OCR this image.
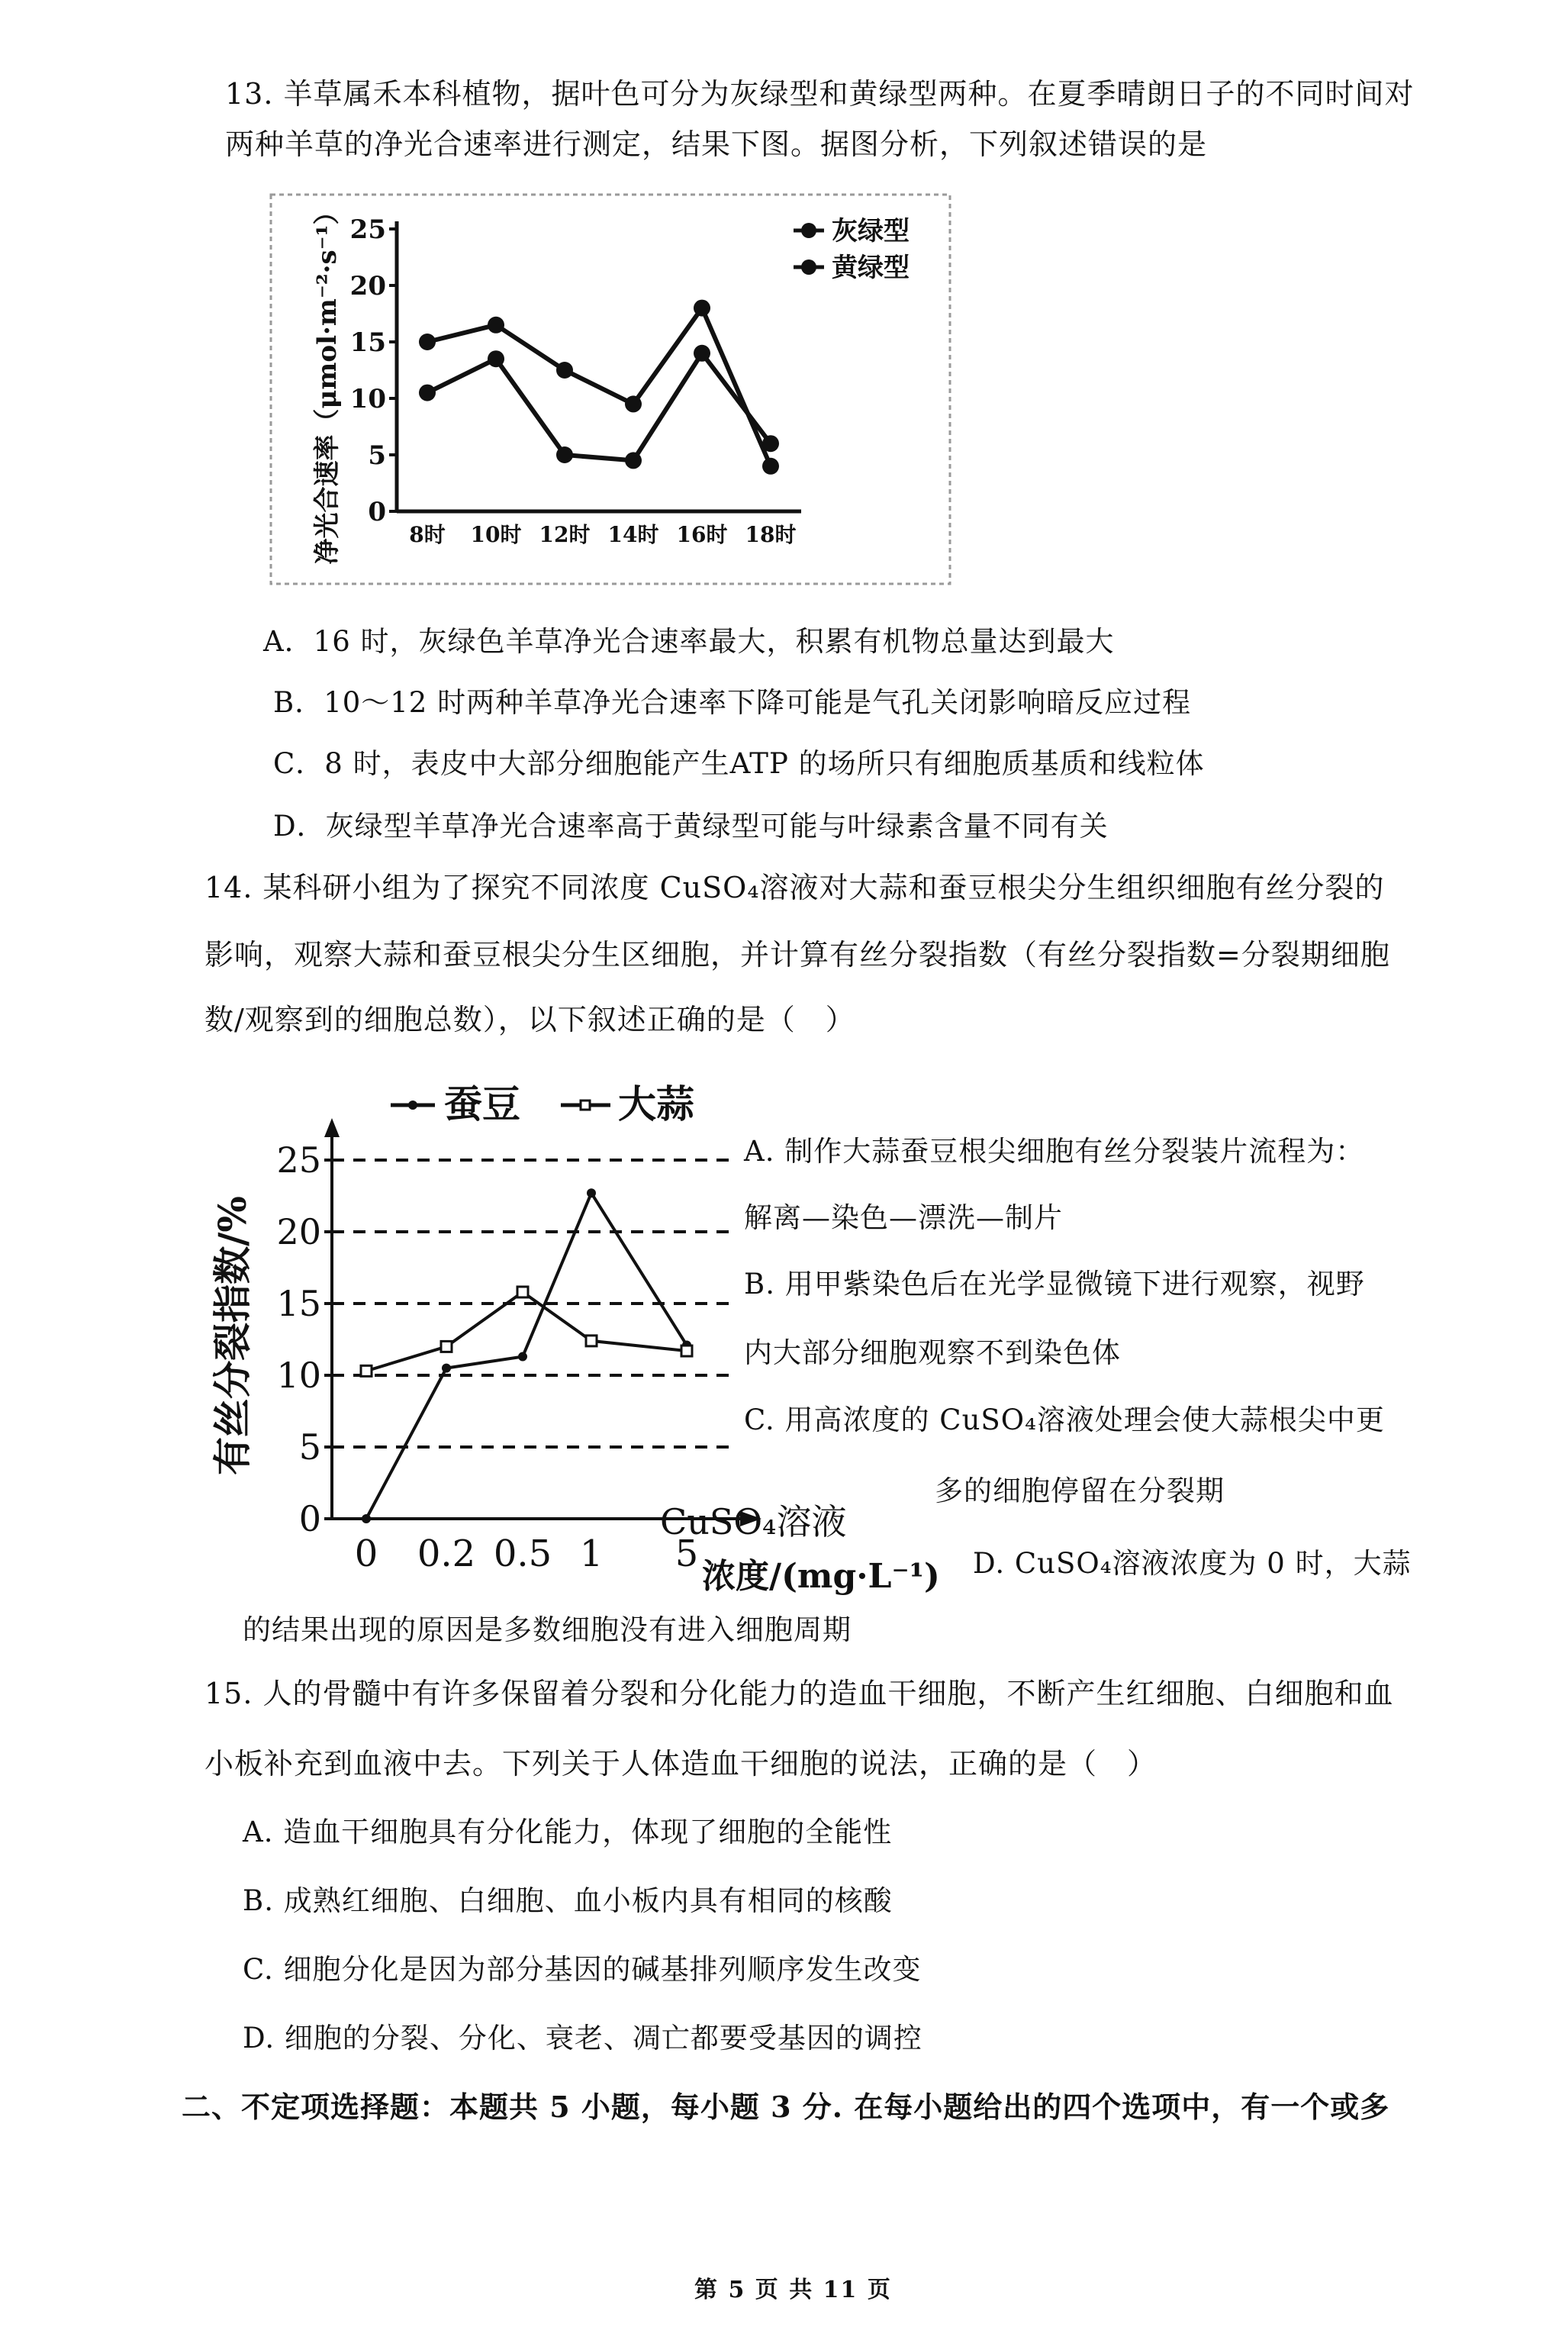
13. 羊草属禾本科植物，据叶色可分为灰绿型和黄绿型两种。在夏季晴朗日子的不同时间对
两种羊草的净光合速率进行测定，结果下图。据图分析，下列叙述错误的是
0
5
10
15
20
25
8时 10时 12时 14时 16时 18时
净光合速率（μmol·m⁻²·s⁻¹）	灰绿型
黄绿型
A．16 时，灰绿色羊草净光合速率最大，积累有机物总量达到最大
B．10～12 时两种羊草净光合速率下降可能是气孔关闭影响暗反应过程
C．8 时，表皮中大部分细胞能产生ATP 的场所只有细胞质基质和线粒体
D．灰绿型羊草净光合速率高于黄绿型可能与叶绿素含量不同有关
14. 某科研小组为了探究不同浓度 CuSO₄溶液对大蒜和蚕豆根尖分生组织细胞有丝分裂的
影响，观察大蒜和蚕豆根尖分生区细胞，并计算有丝分裂指数（有丝分裂指数=分裂期细胞
数/观察到的细胞总数），以下叙述正确的是（　）
0
5
10
15
20
25
0 0.2 0.5 1 5
有丝分裂指数/%
蚕豆	大蒜
CuSO₄溶液
浓度/(mg·L⁻¹)
A. 制作大蒜蚕豆根尖细胞有丝分裂装片流程为：
解离—染色—漂洗—制片
B. 用甲紫染色后在光学显微镜下进行观察，视野
内大部分细胞观察不到染色体
C. 用高浓度的 CuSO₄溶液处理会使大蒜根尖中更
多的细胞停留在分裂期
D. CuSO₄溶液浓度为 0 时，大蒜
的结果出现的原因是多数细胞没有进入细胞周期
15. 人的骨髓中有许多保留着分裂和分化能力的造血干细胞，不断产生红细胞、白细胞和血
小板补充到血液中去。下列关于人体造血干细胞的说法，正确的是（　）
A. 造血干细胞具有分化能力，体现了细胞的全能性
B. 成熟红细胞、白细胞、血小板内具有相同的核酸
C. 细胞分化是因为部分基因的碱基排列顺序发生改变
D. 细胞的分裂、分化、衰老、凋亡都要受基因的调控
二、不定项选择题：本题共 5 小题，每小题 3 分. 在每小题给出的四个选项中，有一个或多
第 5 页 共 11 页
